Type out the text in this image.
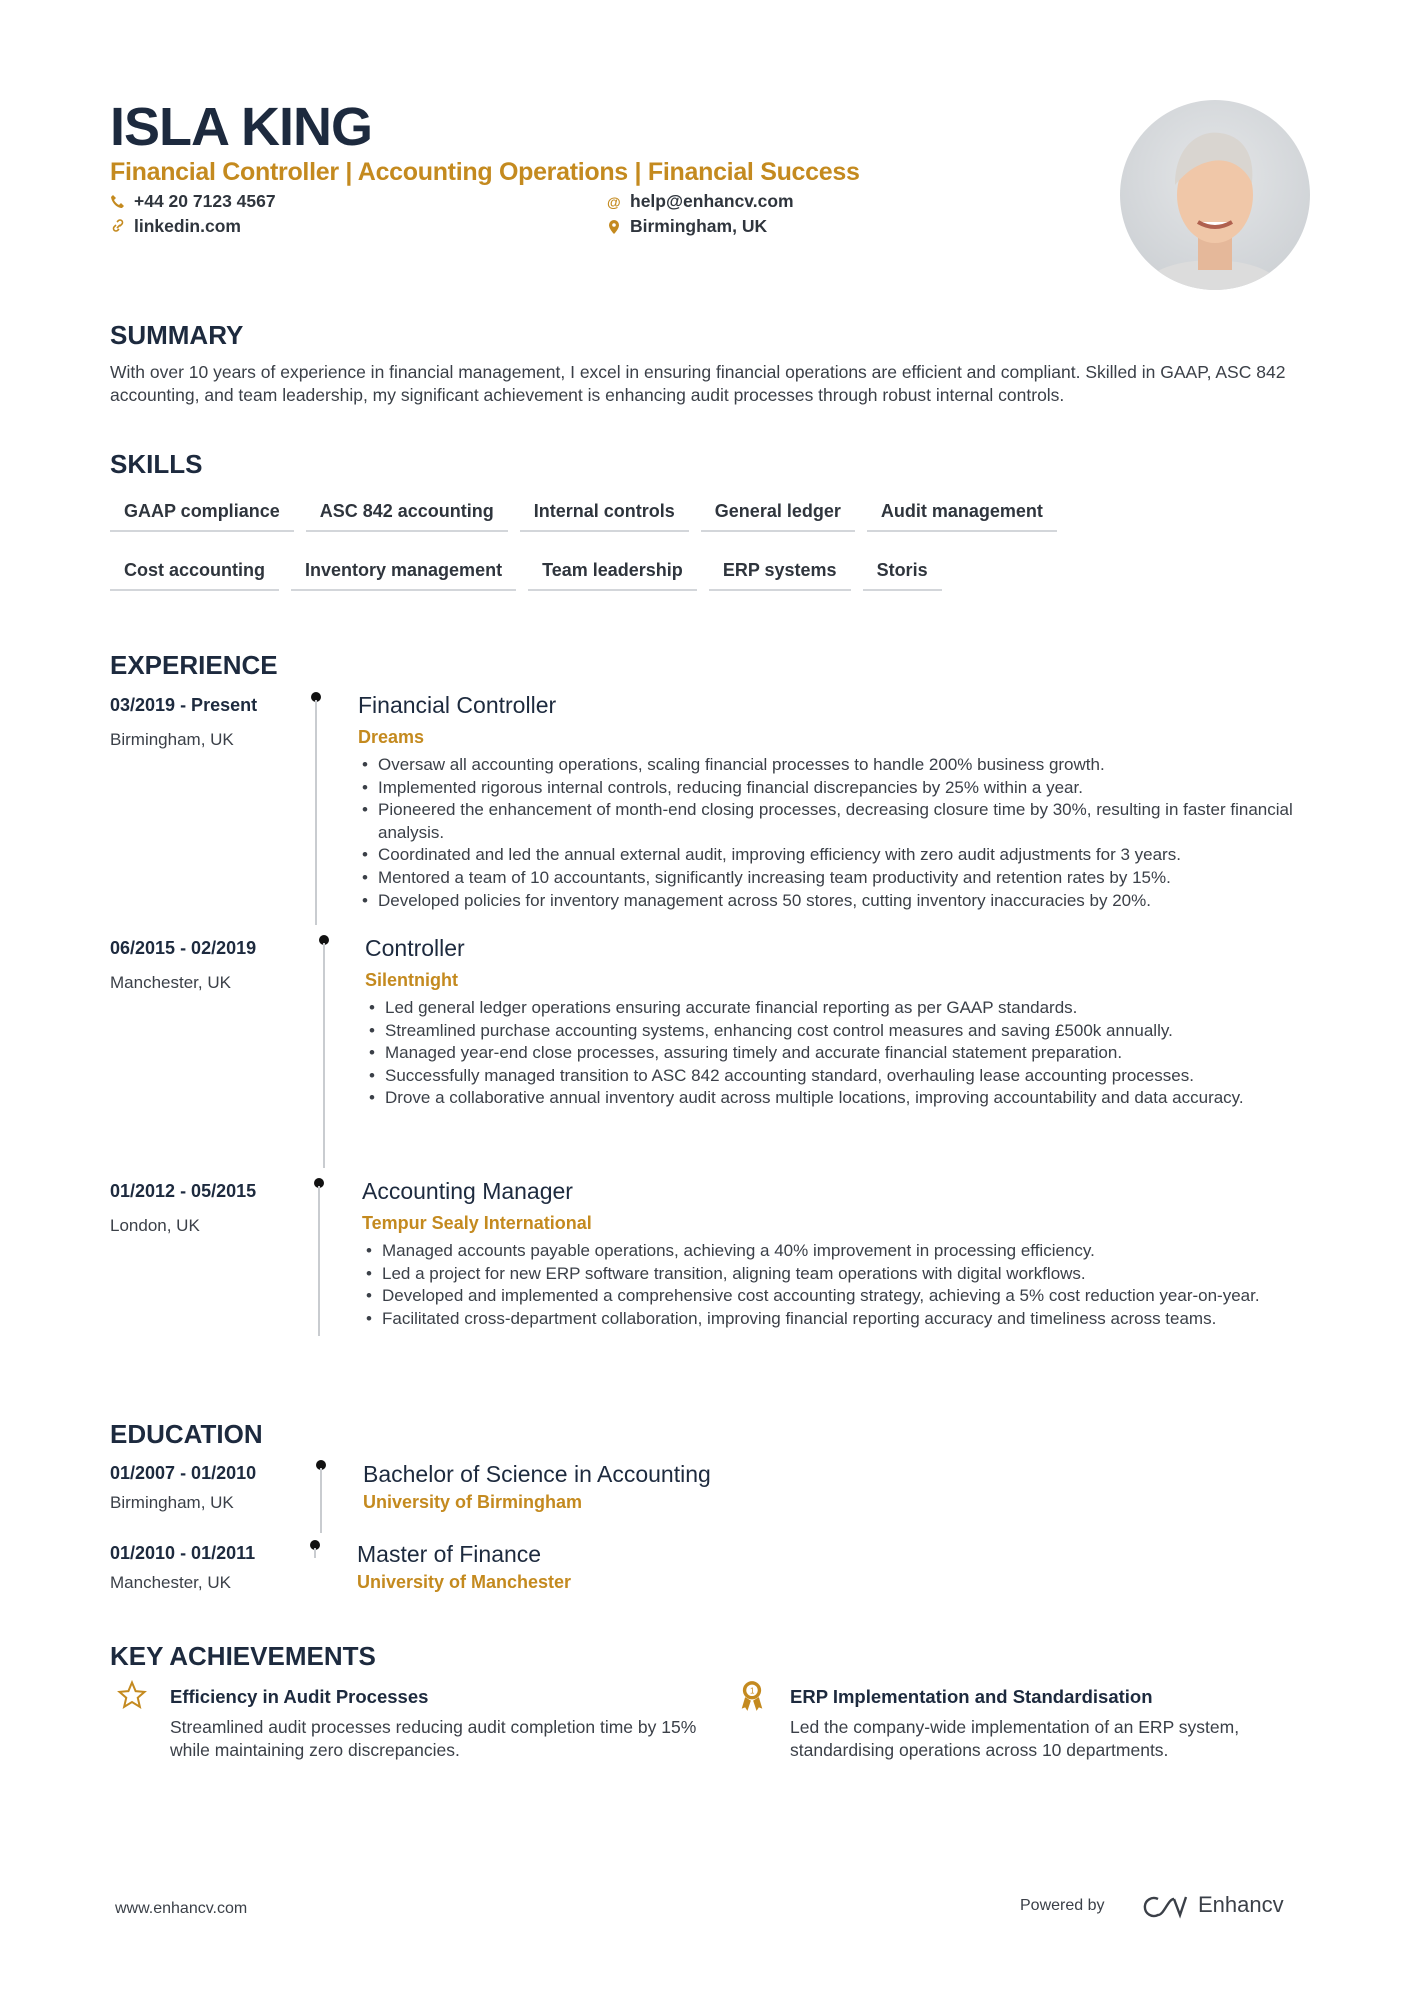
ISLA KING
Financial Controller | Accounting Operations | Financial Success
+44 20 7123 4567
linkedin.com
@ help@enhancv.com
Birmingham, UK
SUMMARY
With over 10 years of experience in financial management, I excel in ensuring financial operations are efficient and compliant. Skilled in GAAP, ASC 842 accounting, and team leadership, my significant achievement is enhancing audit processes through robust internal controls.
SKILLS
GAAP compliance	ASC 842 accounting	Internal controls	General ledger	Audit management
Cost accounting	Inventory management	Team leadership	ERP systems	Storis
EXPERIENCE
03/2019 - Present
Birmingham, UK
Financial Controller
Dreams
• Oversaw all accounting operations, scaling financial processes to handle 200% business growth.
• Implemented rigorous internal controls, reducing financial discrepancies by 25% within a year.
• Pioneered the enhancement of month-end closing processes, decreasing closure time by 30%, resulting in faster financial analysis.
• Coordinated and led the annual external audit, improving efficiency with zero audit adjustments for 3 years.
• Mentored a team of 10 accountants, significantly increasing team productivity and retention rates by 15%.
• Developed policies for inventory management across 50 stores, cutting inventory inaccuracies by 20%.
06/2015 - 02/2019
Manchester, UK
Controller
Silentnight
• Led general ledger operations ensuring accurate financial reporting as per GAAP standards.
• Streamlined purchase accounting systems, enhancing cost control measures and saving £500k annually.
• Managed year-end close processes, assuring timely and accurate financial statement preparation.
• Successfully managed transition to ASC 842 accounting standard, overhauling lease accounting processes.
• Drove a collaborative annual inventory audit across multiple locations, improving accountability and data accuracy.
01/2012 - 05/2015
London, UK
Accounting Manager
Tempur Sealy International
• Managed accounts payable operations, achieving a 40% improvement in processing efficiency.
• Led a project for new ERP software transition, aligning team operations with digital workflows.
• Developed and implemented a comprehensive cost accounting strategy, achieving a 5% cost reduction year-on-year.
• Facilitated cross-department collaboration, improving financial reporting accuracy and timeliness across teams.
EDUCATION
01/2007 - 01/2010
Birmingham, UK
Bachelor of Science in Accounting
University of Birmingham
01/2010 - 01/2011
Manchester, UK
Master of Finance
University of Manchester
KEY ACHIEVEMENTS
Efficiency in Audit Processes
Streamlined audit processes reducing audit completion time by 15% while maintaining zero discrepancies.
1 ERP Implementation and Standardisation
Led the company-wide implementation of an ERP system, standardising operations across 10 departments.
www.enhancv.com	Powered by	Enhancv
